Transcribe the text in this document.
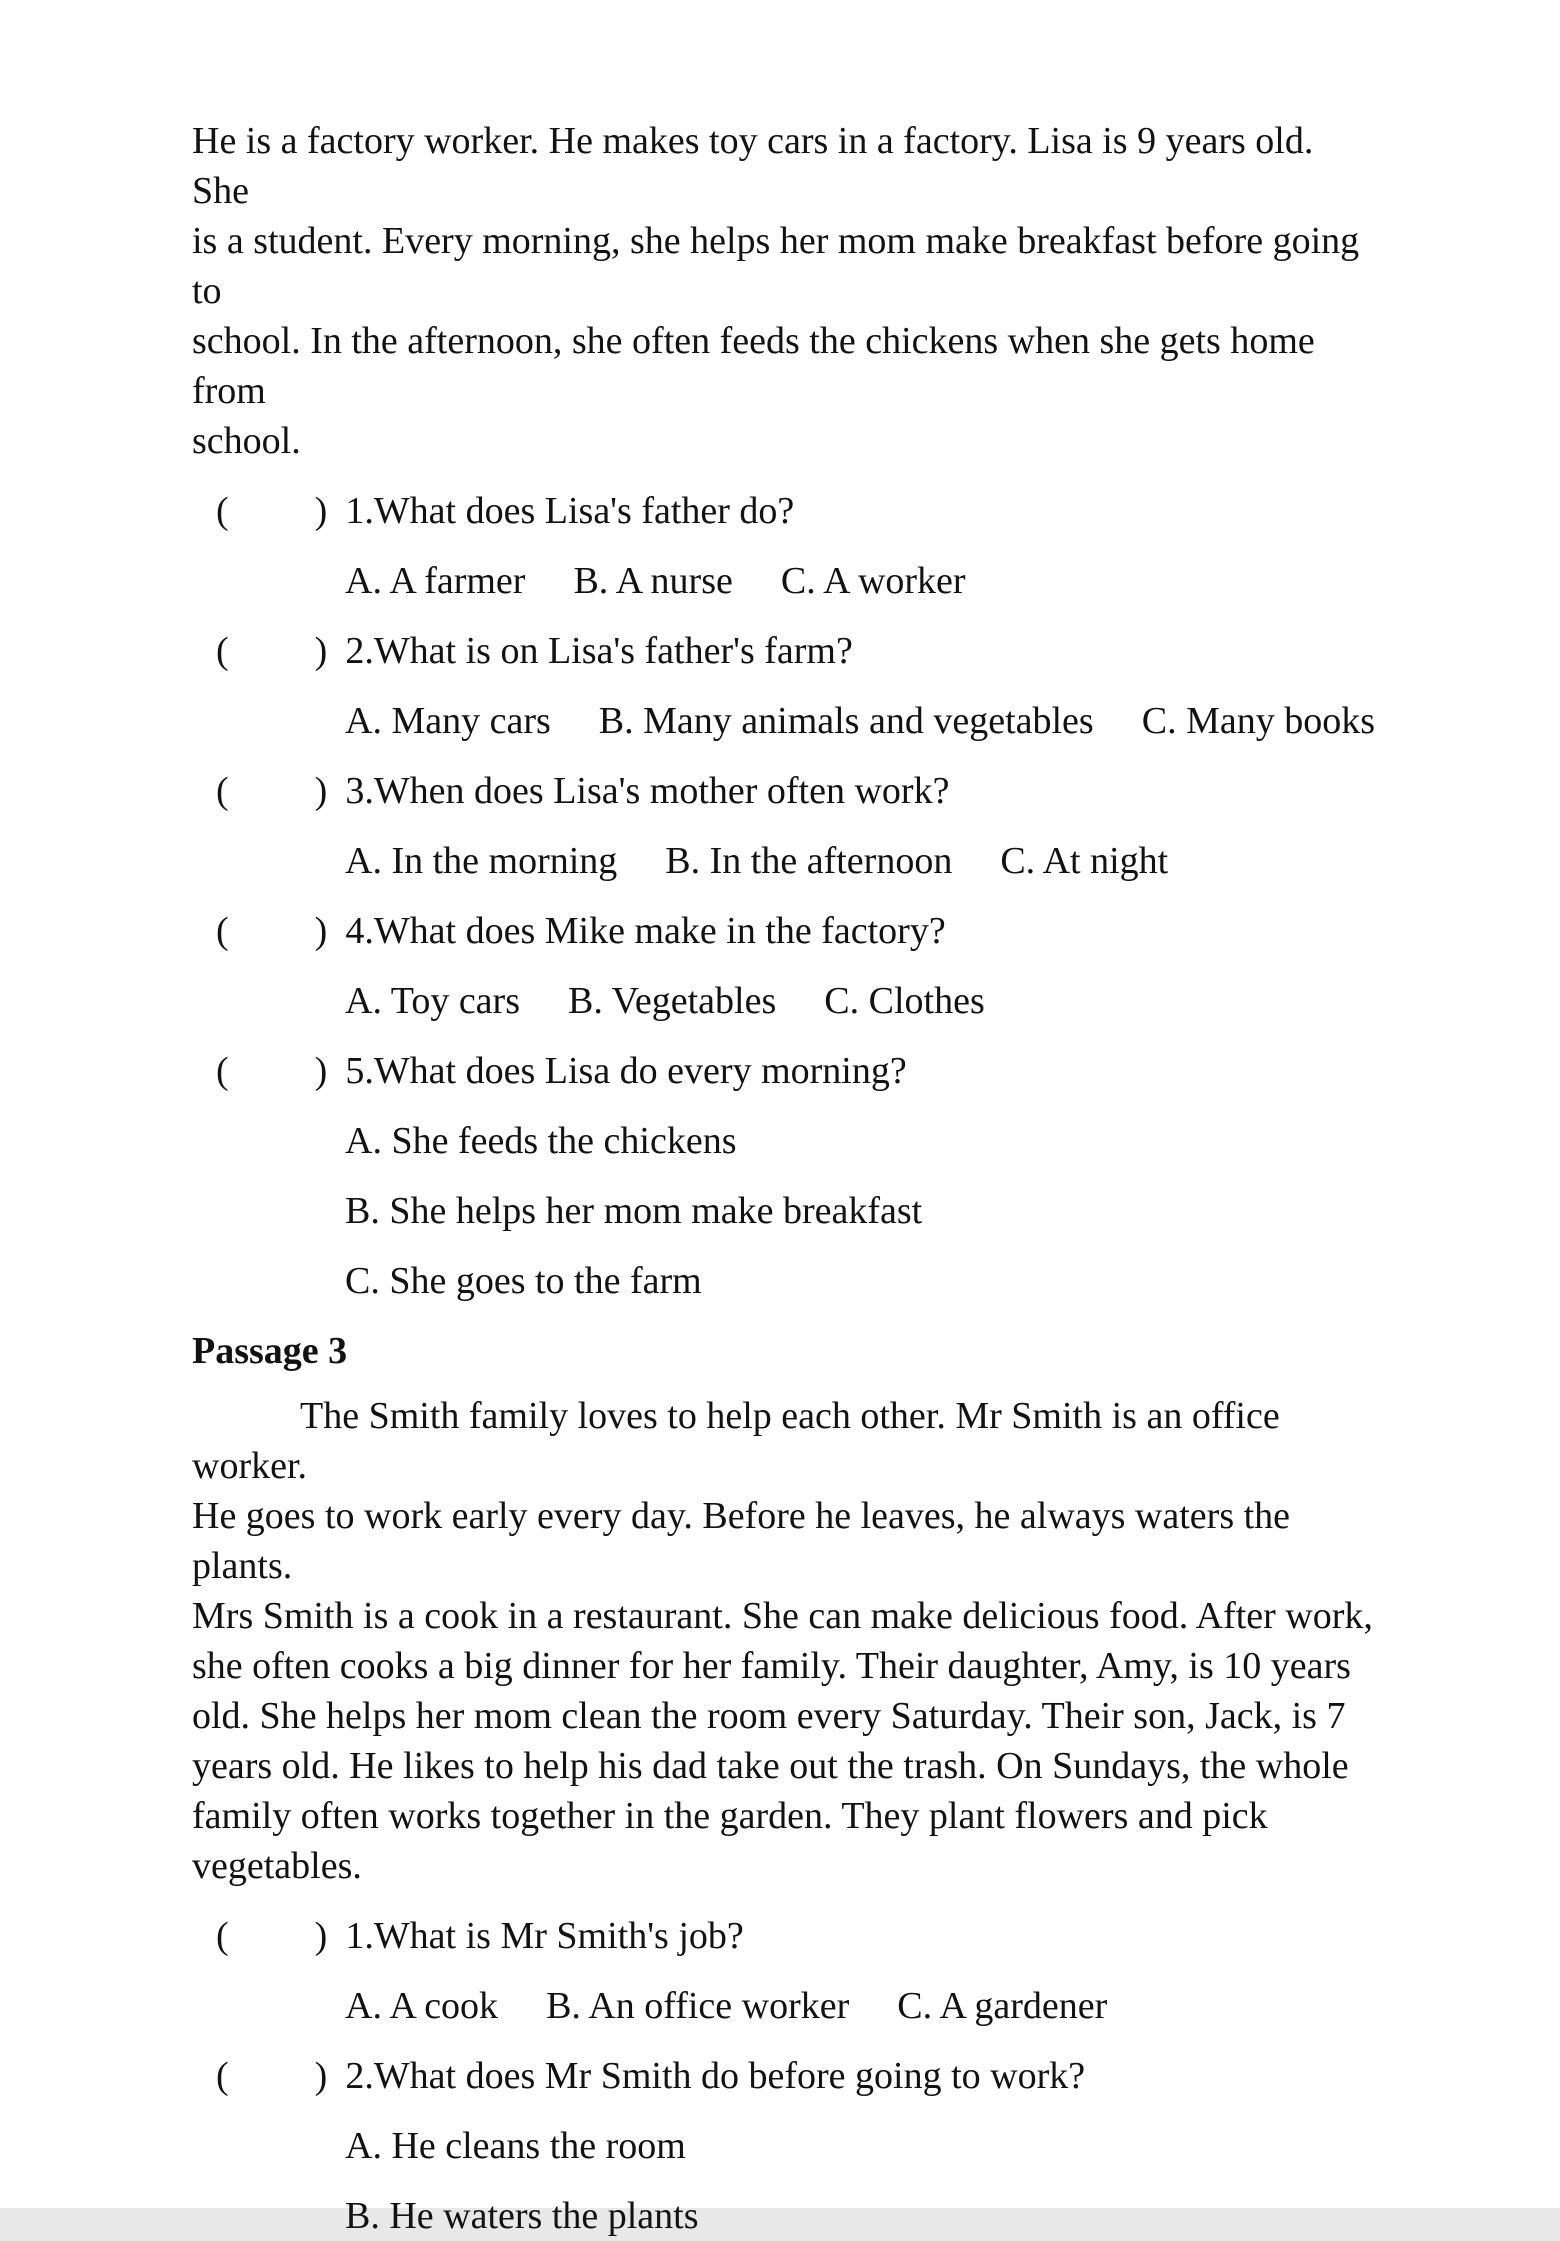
He is a factory worker. He makes toy cars in a factory. Lisa is 9 years old. She
is a student. Every morning, she helps her mom make breakfast before going to
school. In the afternoon, she often feeds the chickens when she gets home from
school.
( ) 1.What does Lisa's father do?
A. A farmer B. A nurse C. A worker
( ) 2.What is on Lisa's father's farm?
A. Many cars B. Many animals and vegetables C. Many books
( ) 3.When does Lisa's mother often work?
A. In the morning B. In the afternoon C. At night
( ) 4.What does Mike make in the factory?
A. Toy cars B. Vegetables C. Clothes
( ) 5.What does Lisa do every morning?
A. She feeds the chickens
B. She helps her mom make breakfast
C. She goes to the farm
Passage 3
The Smith family loves to help each other. Mr Smith is an office worker.
He goes to work early every day. Before he leaves, he always waters the plants.
Mrs Smith is a cook in a restaurant. She can make delicious food. After work,
she often cooks a big dinner for her family. Their daughter, Amy, is 10 years
old. She helps her mom clean the room every Saturday. Their son, Jack, is 7
years old. He likes to help his dad take out the trash. On Sundays, the whole
family often works together in the garden. They plant flowers and pick
vegetables.
( ) 1.What is Mr Smith's job?
A. A cook B. An office worker C. A gardener
( ) 2.What does Mr Smith do before going to work?
A. He cleans the room
B. He waters the plants
